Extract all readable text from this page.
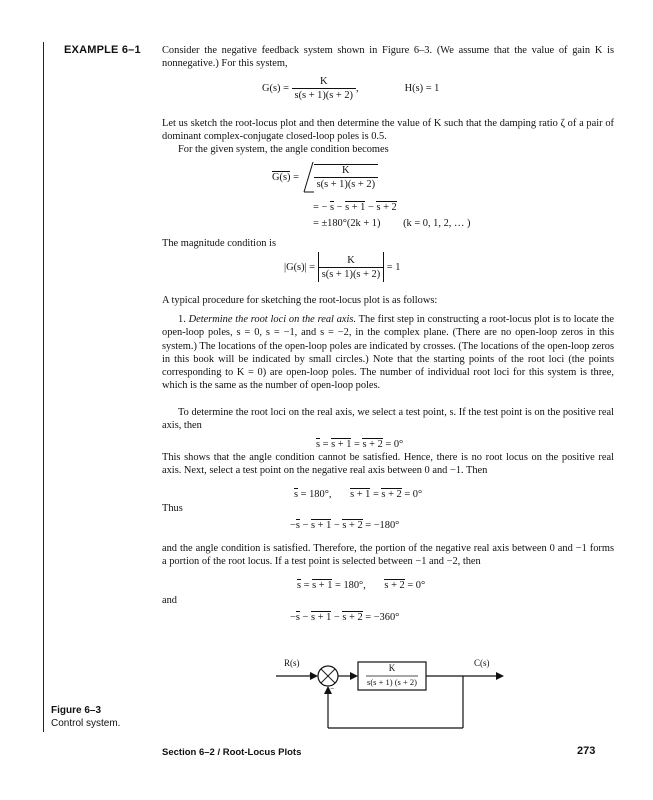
EXAMPLE 6–1 Consider the negative feedback system shown in Figure 6–3. (We assume that the value of gain K is nonnegative.) For this system,
G(s) =
$\frac{K}{s(s + 1)(s + 2)}$ ,	H(s) = 1
Let us sketch the root-locus plot and then determine the value of K such that the damping ratio ζ of a pair of dominant complex-conjugate closed-loop poles is 0.5.
For the given system, the angle condition becomes
G(s)
=
$\frac{K}{s(s + 1)(s + 2)}$
= − s − s + 1 − s + 2
= ±180°(2k + 1) (k = 0, 1, 2, … )
The magnitude condition is
|G(s)| =
$\frac{K}{s(s + 1)(s + 2)}$
= 1
A typical procedure for sketching the root-locus plot is as follows:
1. Determine the root loci on the real axis. The first step in constructing a root-locus plot is to locate the open-loop poles, s = 0, s = −1, and s = −2, in the complex plane. (There are no open-loop zeros in this system.) The locations of the open-loop poles are indicated by crosses. (The locations of the open-loop zeros in this book will be indicated by small circles.) Note that the starting points of the root loci (the points corresponding to K = 0) are open-loop poles. The number of individual root loci for this system is three, which is the same as the number of open-loop poles.
To determine the root loci on the real axis, we select a test point, s. If the test point is on the positive real axis, then
s = s + 1 = s + 2 = 0°
This shows that the angle condition cannot be satisfied. Hence, there is no root locus on the positive real axis. Next, select a test point on the negative real axis between 0 and −1. Then
s = 180°, s + 1 = s + 2 = 0°
Thus
−s − s + 1 − s + 2 = −180°
and the angle condition is satisfied. Therefore, the portion of the negative real axis between 0 and −1 forms a portion of the root locus. If a test point is selected between −1 and −2, then
s = s + 1 = 180°, s + 2 = 0°
and
−s − s + 1 − s + 2 = −360°
R(s)	C(s)
+
−
K
s(s + 1) (s + 2)
Figure 6–3
Control system.
Section 6–2 / Root-Locus Plots	273
